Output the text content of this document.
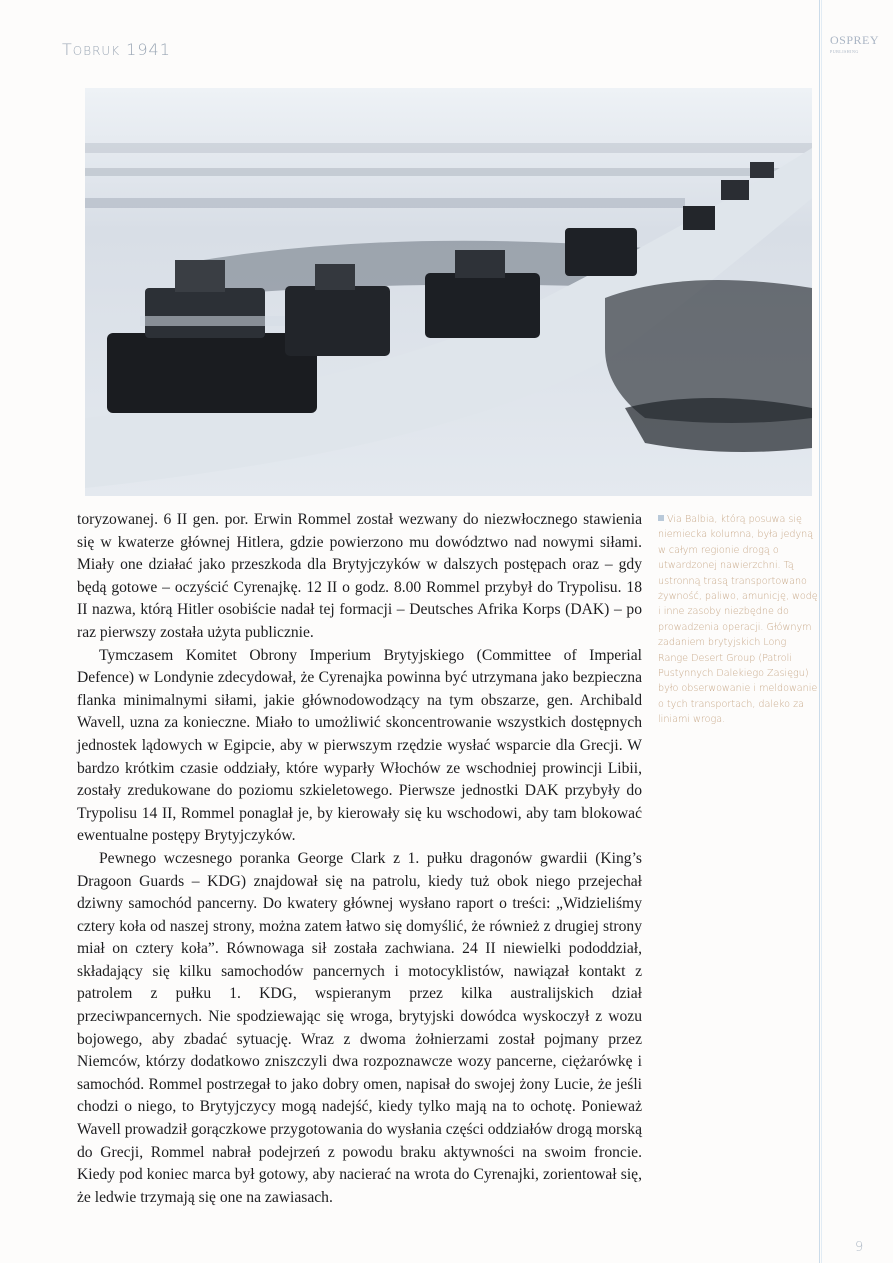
TOBRUK 1941	OSPREY
PUBLISHING

toryzowanej. 6 II gen. por. Erwin Rommel został wezwany do niezwłocznego stawienia się w kwaterze głównej Hitlera, gdzie powierzono mu dowództwo nad nowymi siłami. Miały one działać jako przeszkoda dla Brytyjczyków w dalszych postępach oraz – gdy będą gotowe – oczyścić Cyrenajkę. 12 II o godz. 8.00 Rommel przybył do Trypolisu. 18 II nazwa, którą Hitler osobiście nadał tej formacji – Deutsches Afrika Korps (DAK) – po raz pierwszy została użyta publicznie.

Tymczasem Komitet Obrony Imperium Brytyjskiego (Committee of Imperial Defence) w Londynie zdecydował, że Cyrenajka powinna być utrzymana jako bezpieczna flanka minimalnymi siłami, jakie głównodowodzący na tym obszarze, gen. Archibald Wavell, uzna za konieczne. Miało to umożliwić skoncentrowanie wszystkich dostępnych jednostek lądowych w Egipcie, aby w pierwszym rzędzie wysłać wsparcie dla Grecji. W bardzo krótkim czasie oddziały, które wyparły Włochów ze wschodniej prowincji Libii, zostały zredukowane do poziomu szkieletowego. Pierwsze jednostki DAK przybyły do Trypolisu 14 II, Rommel ponaglał je, by kierowały się ku wschodowi, aby tam blokować ewentualne postępy Brytyjczyków.

Pewnego wczesnego poranka George Clark z 1. pułku dragonów gwardii (King’s Dragoon Guards – KDG) znajdował się na patrolu, kiedy tuż obok niego przejechał dziwny samochód pancerny. Do kwatery głównej wysłano raport o treści: „Widzieliśmy cztery koła od naszej strony, można zatem łatwo się domyślić, że również z drugiej strony miał on cztery koła”. Równowaga sił została zachwiana. 24 II niewielki pododdział, składający się kilku samochodów pancernych i motocyklistów, nawiązał kontakt z patrolem z pułku 1. KDG, wspieranym przez kilka australijskich dział przeciwpancernych. Nie spodziewając się wroga, brytyjski dowódca wyskoczył z wozu bojowego, aby zbadać sytuację. Wraz z dwoma żołnierzami został pojmany przez Niemców, którzy dodatkowo zniszczyli dwa rozpoznawcze wozy pancerne, ciężarówkę i samochód. Rommel postrzegał to jako dobry omen, napisał do swojej żony Lucie, że jeśli chodzi o niego, to Brytyjczycy mogą nadejść, kiedy tylko mają na to ochotę. Ponieważ Wavell prowadził gorączkowe przygotowania do wysłania części oddziałów drogą morską do Grecji, Rommel nabrał podejrzeń z powodu braku aktywności na swoim froncie. Kiedy pod koniec marca był gotowy, aby nacierać na wrota do Cyrenajki, zorientował się, że ledwie trzymają się one na zawiasach.

Via Balbia, którą posuwa się niemiecka kolumna, była jedyną w całym regionie drogą o utwardzonej nawierzchni. Tą ustronną trasą transportowano żywność, paliwo, amunicję, wodę i inne zasoby niezbędne do prowadzenia operacji. Głównym zadaniem brytyjskich Long Range Desert Group (Patroli Pustynnych Dalekiego Zasięgu) było obserwowanie i meldowanie o tych transportach, daleko za liniami wroga.
9
